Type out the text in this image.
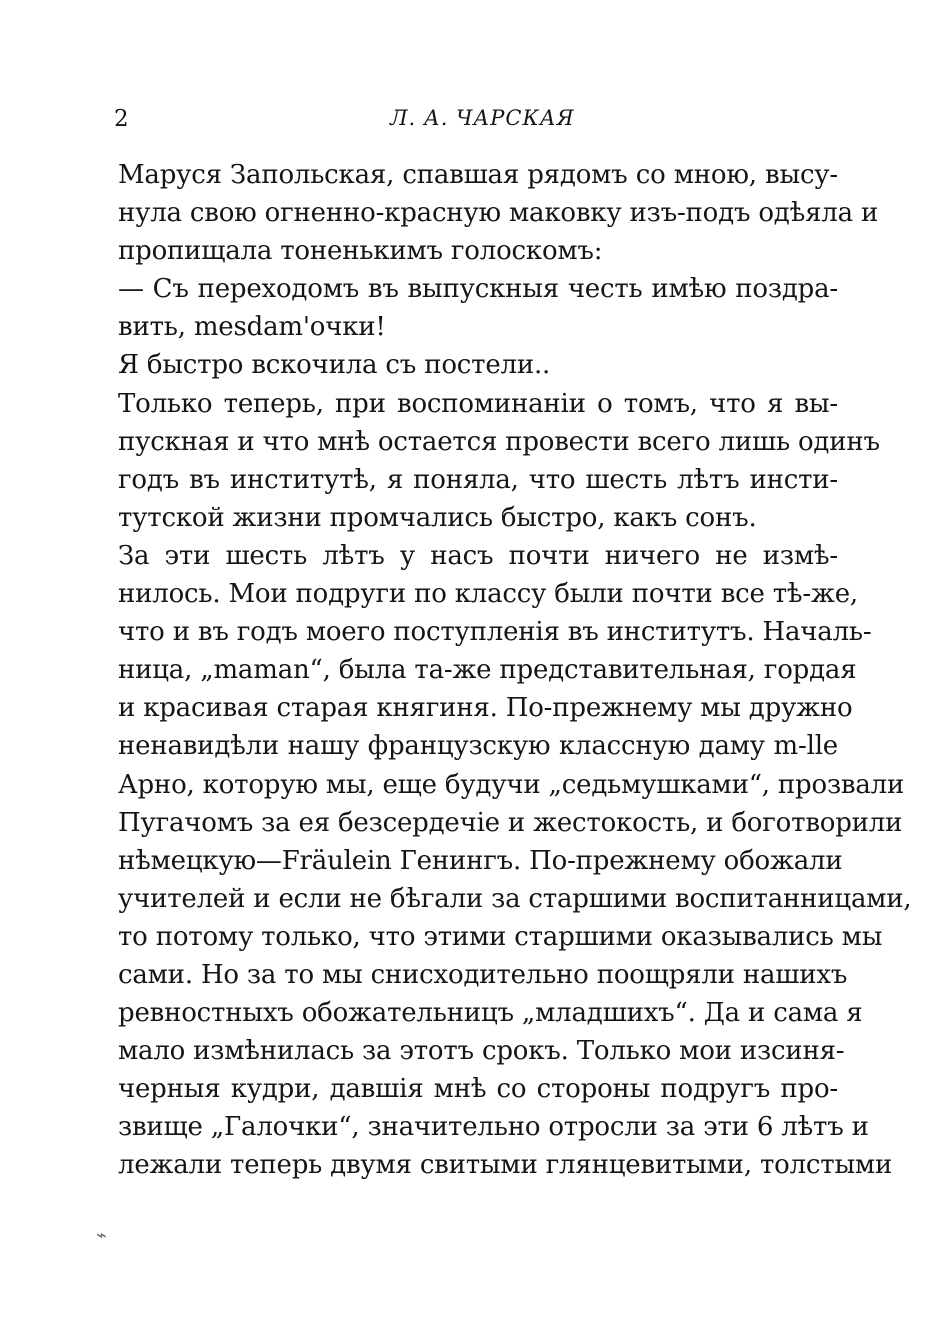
2	Л. А. ЧАРСКАЯ
Маруся Запольская, спавшая рядомъ со мною, высу-
нула свою огненно-красную маковку изъ-подъ одѣяла и
пропищала тоненькимъ голоскомъ:
— Съ переходомъ въ выпускныя честь имѣю поздра-
вить, mesdam'очки!
Я быстро вскочила съ постели..
Только теперь, при воспоминанiи о томъ, что я вы-
пускная и что мнѣ остается провести всего лишь одинъ
годъ въ институтѣ, я поняла, что шесть лѣтъ инсти-
тутской жизни промчались быстро, какъ сонъ.
За эти шесть лѣтъ у насъ почти ничего не измѣ-
нилось. Мои подруги по классу были почти все тѣ-же,
что и въ годъ моего поступленiя въ институтъ. Началь-
ница, „maman“, была та-же представительная, гордая
и красивая старая княгиня. По-прежнему мы дружно
ненавидѣли нашу французскую классную даму m-lle
Арно, которую мы, еще будучи „седьмушками“, прозвали
Пугачомъ за ея безсердечiе и жестокость, и боготворили
нѣмецкую—Fräulein Генингъ. По-прежнему обожали
учителей и если не бѣгали за старшими воспитанницами,
то потому только, что этими старшими оказывались мы
сами. Но за то мы снисходительно поощряли нашихъ
ревностныхъ обожательницъ „младшихъ“. Да и сама я
мало измѣнилась за этотъ срокъ. Только мои изсиня-
черныя кудри, давшiя мнѣ со стороны подругъ про-
звище „Галочки“, значительно отросли за эти 6 лѣтъ и
лежали теперь двумя свитыми глянцевитыми, толстыми
⌁
